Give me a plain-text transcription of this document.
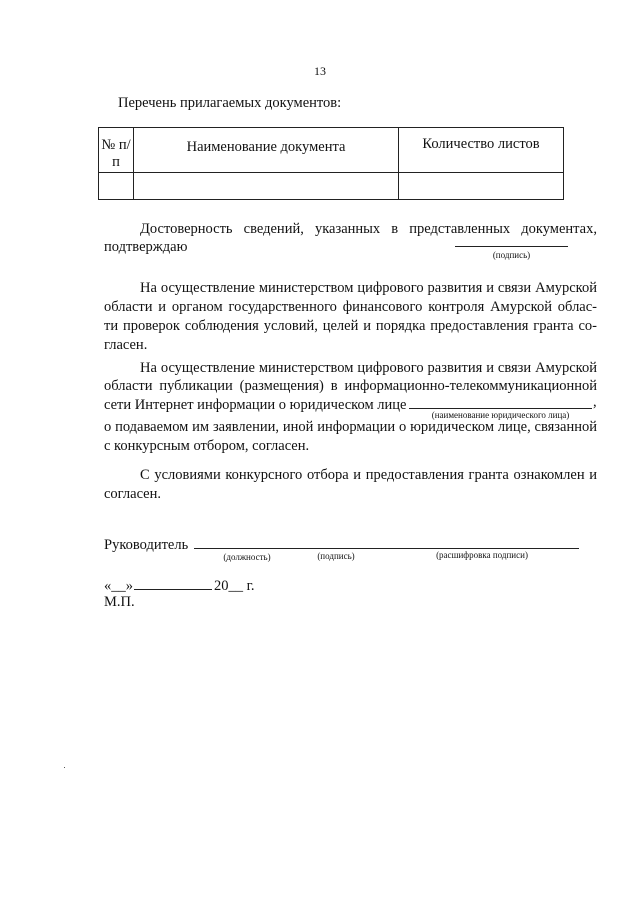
13
Перечень прилагаемых документов:
№ п/п	Наименование документа	Количество листов

Достоверность сведений, указанных в представленных документах,
подтверждаю	(подпись)
На осуществление министерством цифрового развития и связи Амурской
области и органом государственного финансового контроля Амурской облас-
ти проверок соблюдения условий, целей и порядка предоставления гранта со-
гласен.
На осуществление министерством цифрового развития и связи Амурской
области публикации (размещения) в информационно-телекоммуникационной
сети Интернет информации о юридическом лице	,
(наименование юридического лица)
о подаваемом им заявлении, иной информации о юридическом лице, связанной
с конкурсным отбором, согласен.
С условиями конкурсного отбора и предоставления гранта ознакомлен и
согласен.
Руководитель
(должность)	(подпись)	(расшифровка подписи)
«__»	20__ г.
М.П.
